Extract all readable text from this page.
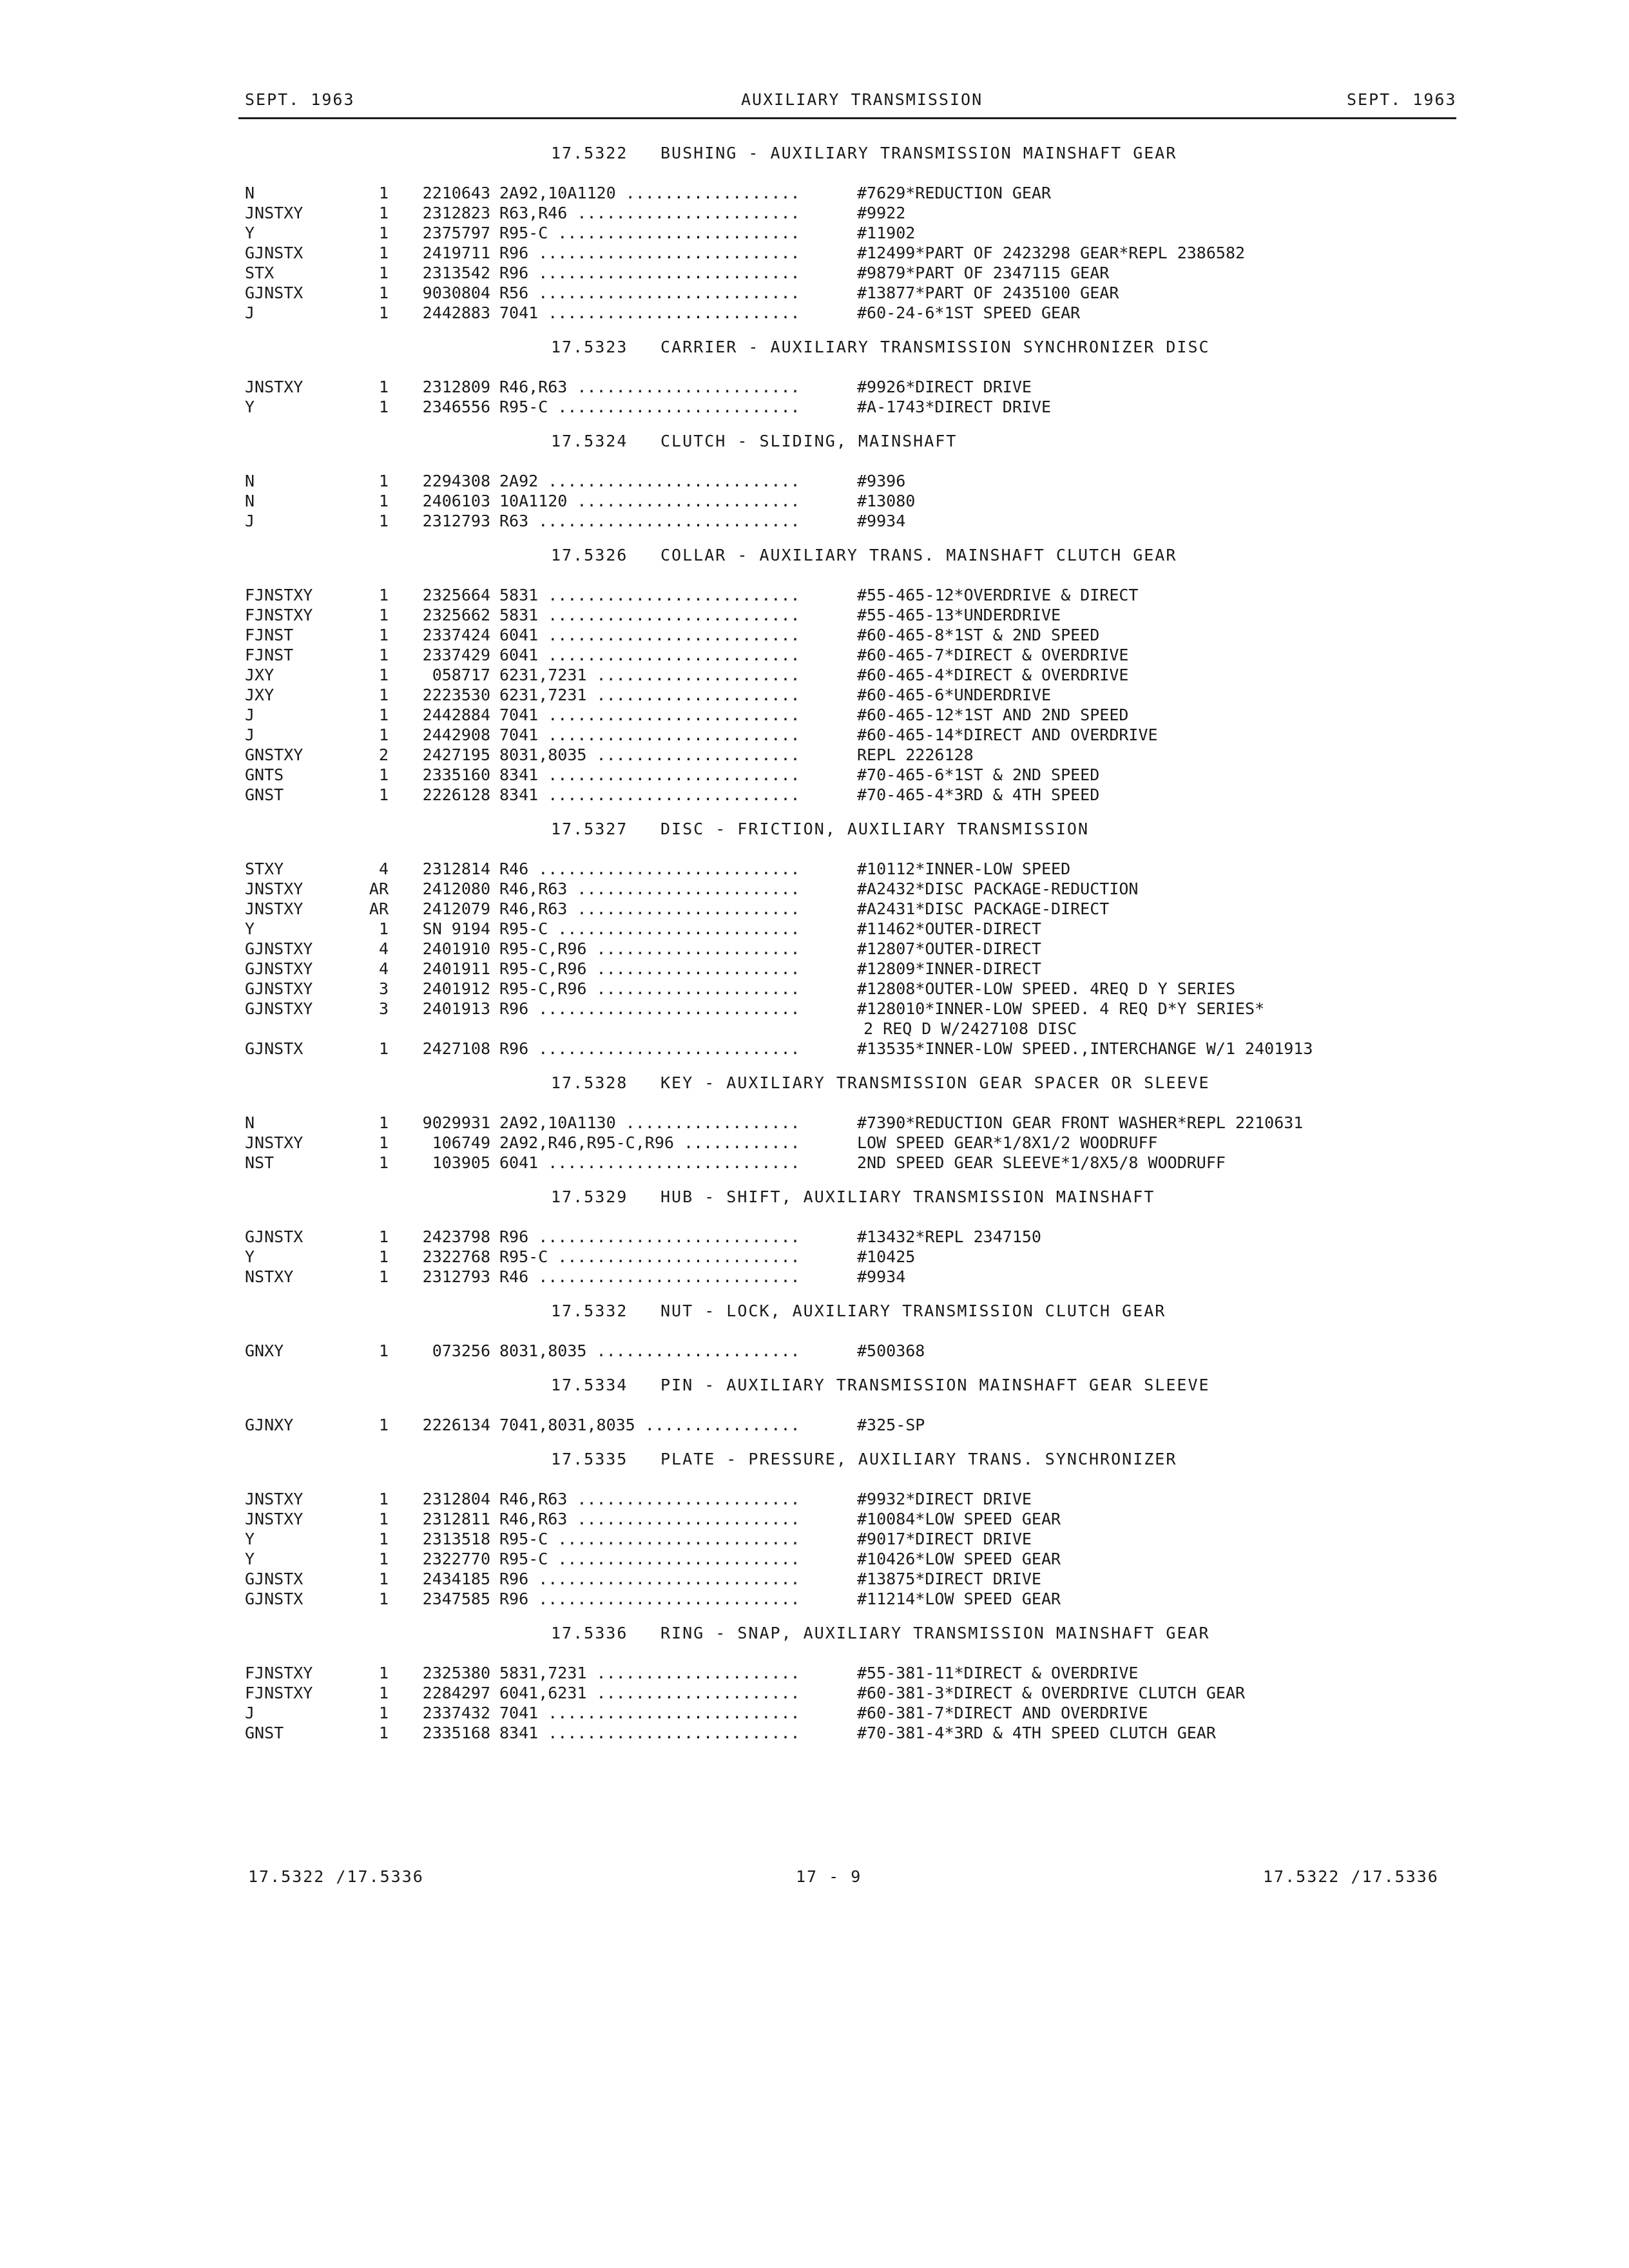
SEPT. 1963	AUXILIARY TRANSMISSION	SEPT. 1963
17.5322 BUSHING - AUXILIARY TRANSMISSION MAINSHAFT GEAR
N	1	2210643 2A92,10A1120 ..................	#7629*REDUCTION GEAR
JNSTXY	1	2312823 R63,R46 .......................	#9922
Y	1	2375797 R95-C .........................	#11902
GJNSTX	1	2419711 R96 ...........................	#12499*PART OF 2423298 GEAR*REPL 2386582
STX	1	2313542 R96 ...........................	#9879*PART OF 2347115 GEAR
GJNSTX	1	9030804 R56 ...........................	#13877*PART OF 2435100 GEAR
J	1	2442883 7041 ..........................	#60-24-6*1ST SPEED GEAR
17.5323 CARRIER - AUXILIARY TRANSMISSION SYNCHRONIZER DISC
JNSTXY	1	2312809 R46,R63 .......................	#9926*DIRECT DRIVE
Y	1	2346556 R95-C .........................	#A-1743*DIRECT DRIVE
17.5324 CLUTCH - SLIDING, MAINSHAFT
N	1	2294308 2A92 ..........................	#9396
N	1	2406103 10A1120 .......................	#13080
J	1	2312793 R63 ...........................	#9934
17.5326 COLLAR - AUXILIARY TRANS. MAINSHAFT CLUTCH GEAR
FJNSTXY	1	2325664 5831 ..........................	#55-465-12*OVERDRIVE & DIRECT
FJNSTXY	1	2325662 5831 ..........................	#55-465-13*UNDERDRIVE
FJNST	1	2337424 6041 ..........................	#60-465-8*1ST & 2ND SPEED
FJNST	1	2337429 6041 ..........................	#60-465-7*DIRECT & OVERDRIVE
JXY	1	058717 6231,7231 .....................	#60-465-4*DIRECT & OVERDRIVE
JXY	1	2223530 6231,7231 .....................	#60-465-6*UNDERDRIVE
J	1	2442884 7041 ..........................	#60-465-12*1ST AND 2ND SPEED
J	1	2442908 7041 ..........................	#60-465-14*DIRECT AND OVERDRIVE
GNSTXY	2	2427195 8031,8035 .....................	REPL 2226128
GNTS	1	2335160 8341 ..........................	#70-465-6*1ST & 2ND SPEED
GNST	1	2226128 8341 ..........................	#70-465-4*3RD & 4TH SPEED
17.5327 DISC - FRICTION, AUXILIARY TRANSMISSION
STXY	4	2312814 R46 ...........................	#10112*INNER-LOW SPEED
JNSTXY	AR	2412080 R46,R63 .......................	#A2432*DISC PACKAGE-REDUCTION
JNSTXY	AR	2412079 R46,R63 .......................	#A2431*DISC PACKAGE-DIRECT
Y	1	SN 9194 R95-C .........................	#11462*OUTER-DIRECT
GJNSTXY	4	2401910 R95-C,R96 .....................	#12807*OUTER-DIRECT
GJNSTXY	4	2401911 R95-C,R96 .....................	#12809*INNER-DIRECT
GJNSTXY	3	2401912 R95-C,R96 .....................	#12808*OUTER-LOW SPEED. 4REQ D Y SERIES
GJNSTXY	3	2401913 R96 ...........................	#128010*INNER-LOW SPEED. 4 REQ D*Y SERIES*
2 REQ D W/2427108 DISC
GJNSTX	1	2427108 R96 ...........................	#13535*INNER-LOW SPEED.,INTERCHANGE W/1 2401913
17.5328 KEY - AUXILIARY TRANSMISSION GEAR SPACER OR SLEEVE
N	1	9029931 2A92,10A1130 ..................	#7390*REDUCTION GEAR FRONT WASHER*REPL 2210631
JNSTXY	1	106749 2A92,R46,R95-C,R96 ............	LOW SPEED GEAR*1/8X1/2 WOODRUFF
NST	1	103905 6041 ..........................	2ND SPEED GEAR SLEEVE*1/8X5/8 WOODRUFF
17.5329 HUB - SHIFT, AUXILIARY TRANSMISSION MAINSHAFT
GJNSTX	1	2423798 R96 ...........................	#13432*REPL 2347150
Y	1	2322768 R95-C .........................	#10425
NSTXY	1	2312793 R46 ...........................	#9934
17.5332 NUT - LOCK, AUXILIARY TRANSMISSION CLUTCH GEAR
GNXY	1	073256 8031,8035 .....................	#500368
17.5334 PIN - AUXILIARY TRANSMISSION MAINSHAFT GEAR SLEEVE
GJNXY	1	2226134 7041,8031,8035 ................	#325-SP
17.5335 PLATE - PRESSURE, AUXILIARY TRANS. SYNCHRONIZER
JNSTXY	1	2312804 R46,R63 .......................	#9932*DIRECT DRIVE
JNSTXY	1	2312811 R46,R63 .......................	#10084*LOW SPEED GEAR
Y	1	2313518 R95-C .........................	#9017*DIRECT DRIVE
Y	1	2322770 R95-C .........................	#10426*LOW SPEED GEAR
GJNSTX	1	2434185 R96 ...........................	#13875*DIRECT DRIVE
GJNSTX	1	2347585 R96 ...........................	#11214*LOW SPEED GEAR
17.5336 RING - SNAP, AUXILIARY TRANSMISSION MAINSHAFT GEAR
FJNSTXY	1	2325380 5831,7231 .....................	#55-381-11*DIRECT & OVERDRIVE
FJNSTXY	1	2284297 6041,6231 .....................	#60-381-3*DIRECT & OVERDRIVE CLUTCH GEAR
J	1	2337432 7041 ..........................	#60-381-7*DIRECT AND OVERDRIVE
GNST	1	2335168 8341 ..........................	#70-381-4*3RD & 4TH SPEED CLUTCH GEAR
17.5322 /17.5336	17 - 9	17.5322 /17.5336
